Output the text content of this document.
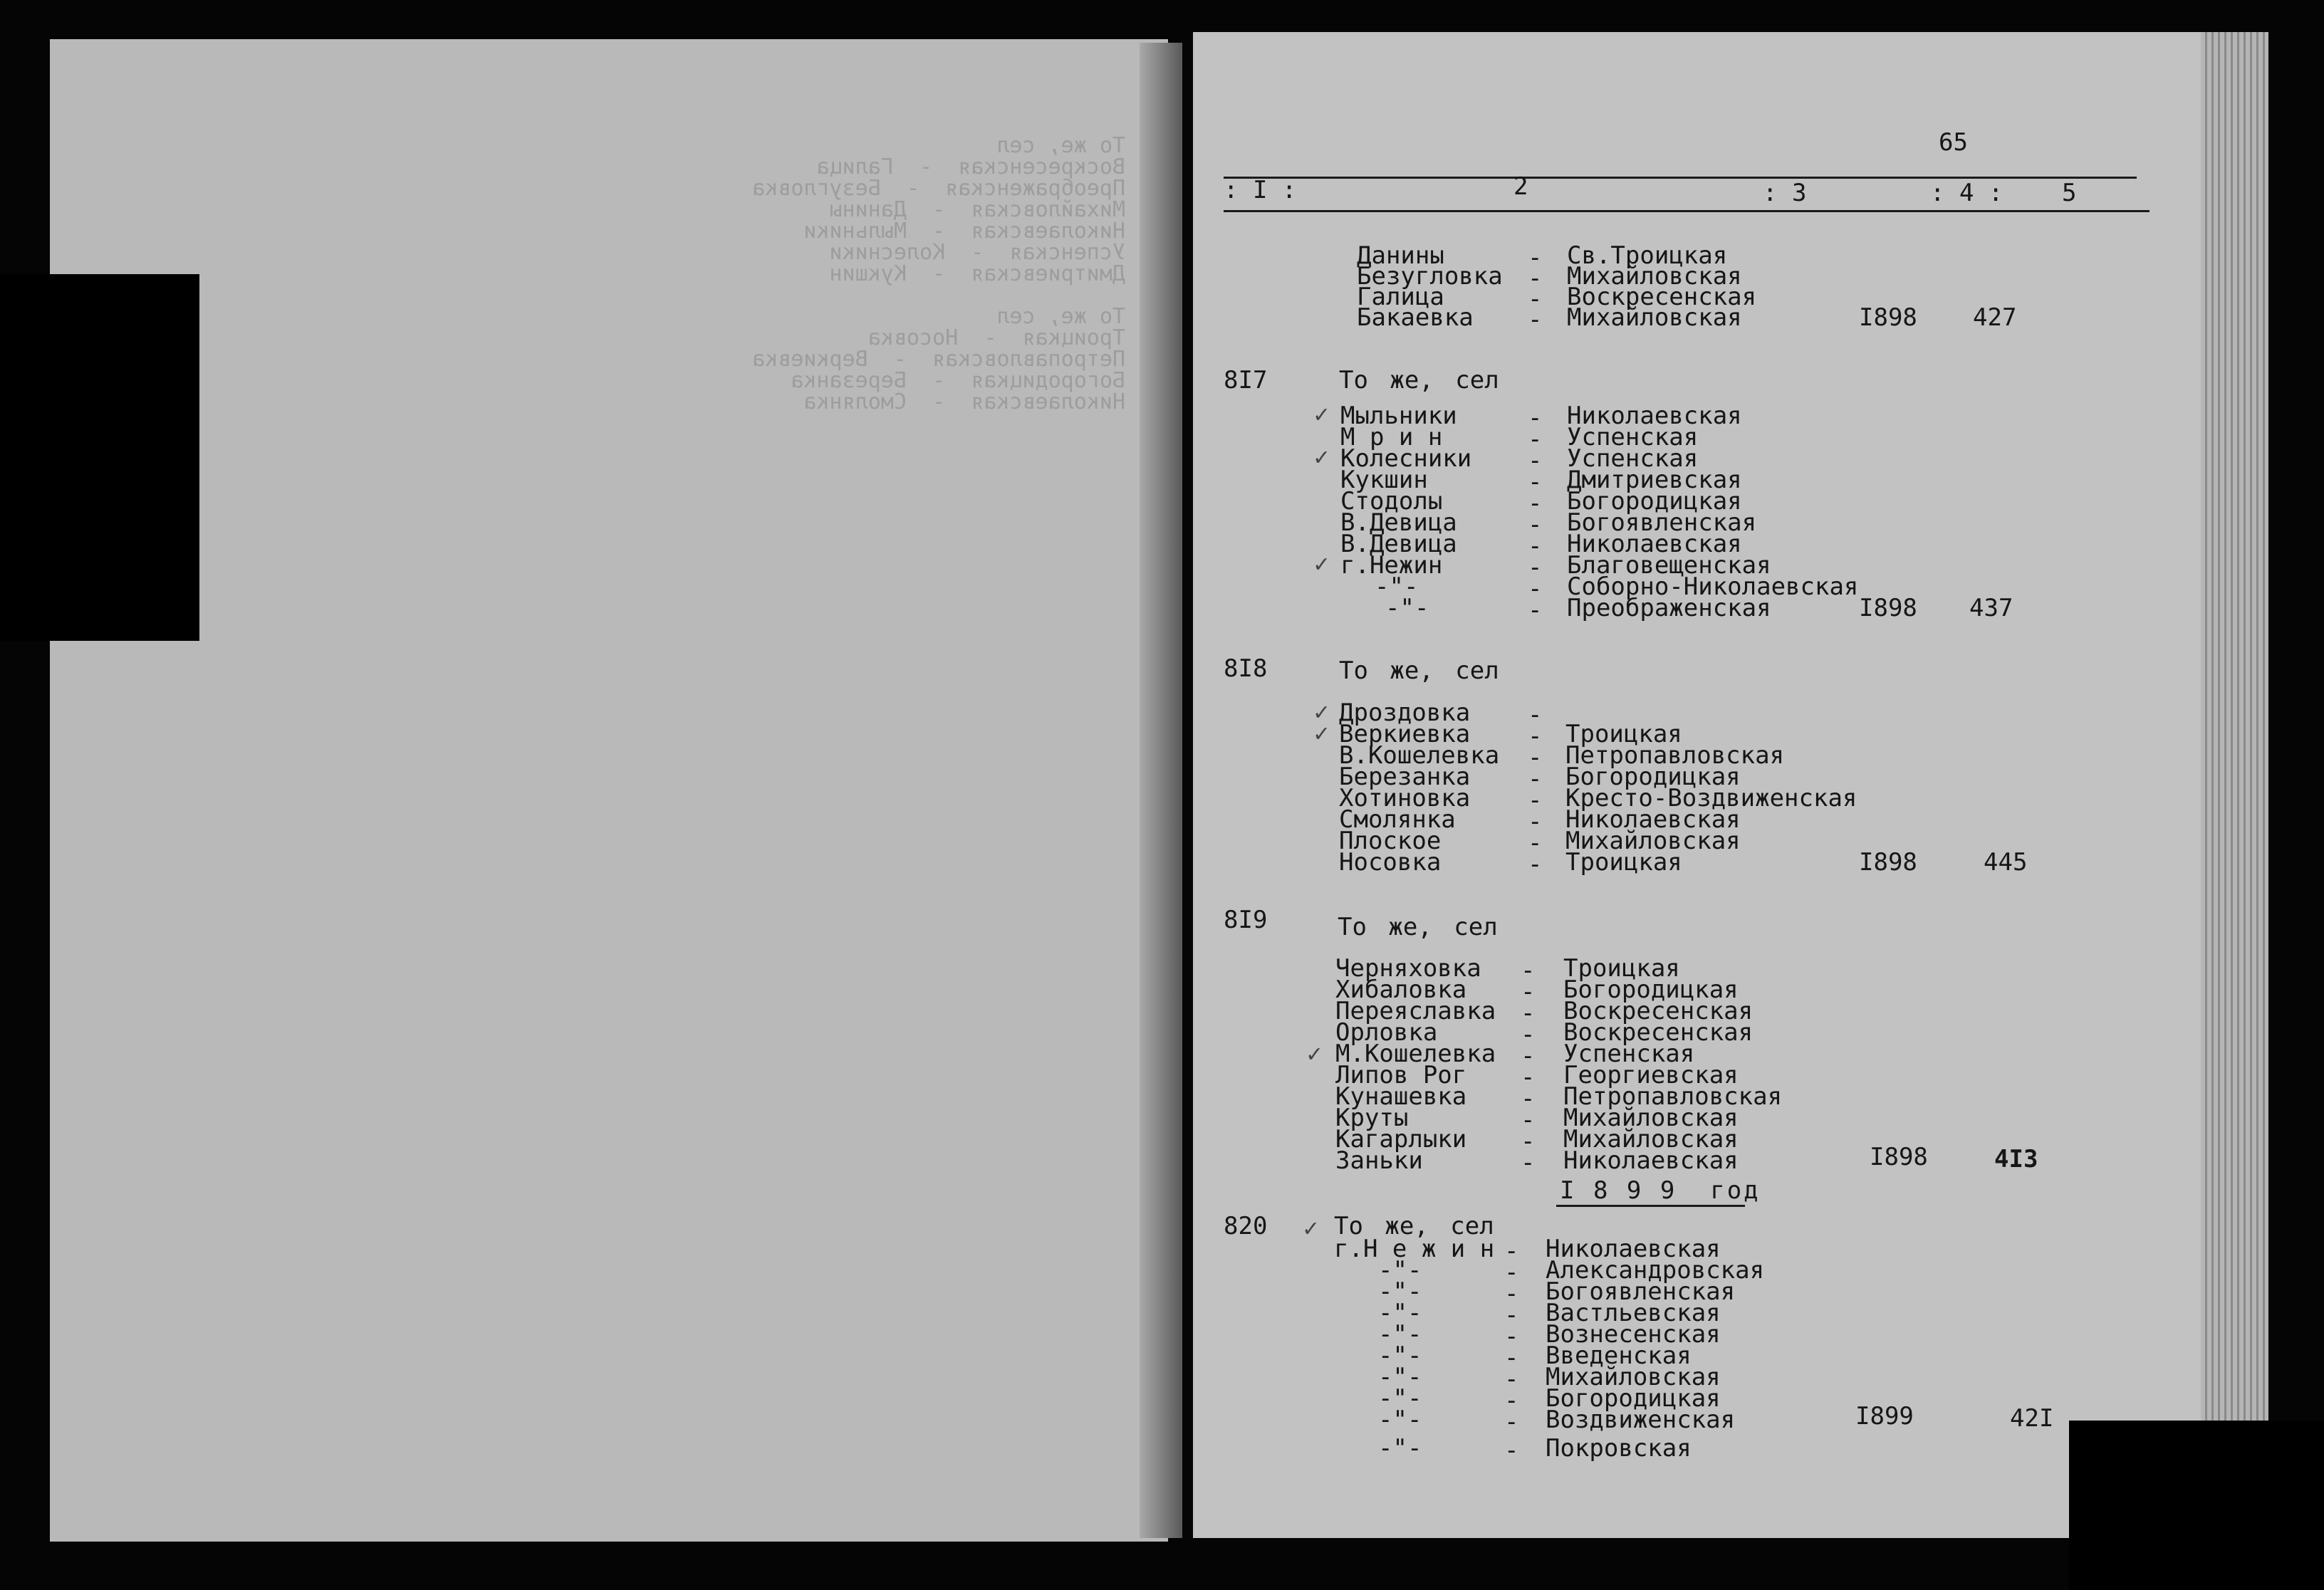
То же, сел
Воскресенская  -  Галица
Преображенская  -  Безугловка
Михайловская  -  Данины
Николаевская  -  Мыльники
Успенская  -  Колесники
Дмитриевская  -  Кукшин

То же, сел
Троицкая  -  Носовка
Петропавловская  -  Веркиевка
Богородицкая  -  Березанка
Николаевская  -  Смолянка

65
: I :	2	: 3	: 4 : 5
Данины	- Св.Троицкая
Безугловка - Михайловская
Галица	- Воскресенская
Бакаевка - Михайловская	I898 427
8I7	То же, сел
Мыльники	- Николаевская
М р и н	- Успенская
Колесники - Успенская
Кукшин	- Дмитриевская
Стодолы	- Богородицкая
В.Девица	- Богоявленская
В.Девица	- Николаевская
г.Нежин	- Благовещенская
-"-	- Соборно-Николаевская
-"-	- Преображенская	I898 437
8I8	То же, сел
Дроздовка -
Веркиевка - Троицкая
В.Кошелевка - Петропавловская
Березанка - Богородицкая
Хотиновка - Кресто-Воздвиженская
Смолянка	- Николаевская
Плоское	- Михайловская
Носовка	- Троицкая	I898	445
8I9	То же, сел
Черняховка - Троицкая
Хибаловка - Богородицкая
Переяславка - Воскресенская
Орловка	- Воскресенская
М.Кошелевка - Успенская
Липов Рог - Георгиевская
Кунашевка - Петропавловская
Круты	- Михайловская
Кагарлыки - Михайловская
Заньки	- Николаевская	I898	4I3
I 8 9 9  год
820	То же, сел
г.Н е ж и н - Николаевская
-"-	- Александровская
-"-	- Богоявленская
-"-	- Вастльевская
-"-	- Вознесенская
-"-	- Введенская
-"-	- Михайловская
-"-	- Богородицкая
-"-	- Воздвиженская	I899	42I
-"-	- Покровская
✓
✓
✓
✓
✓
✓
✓
